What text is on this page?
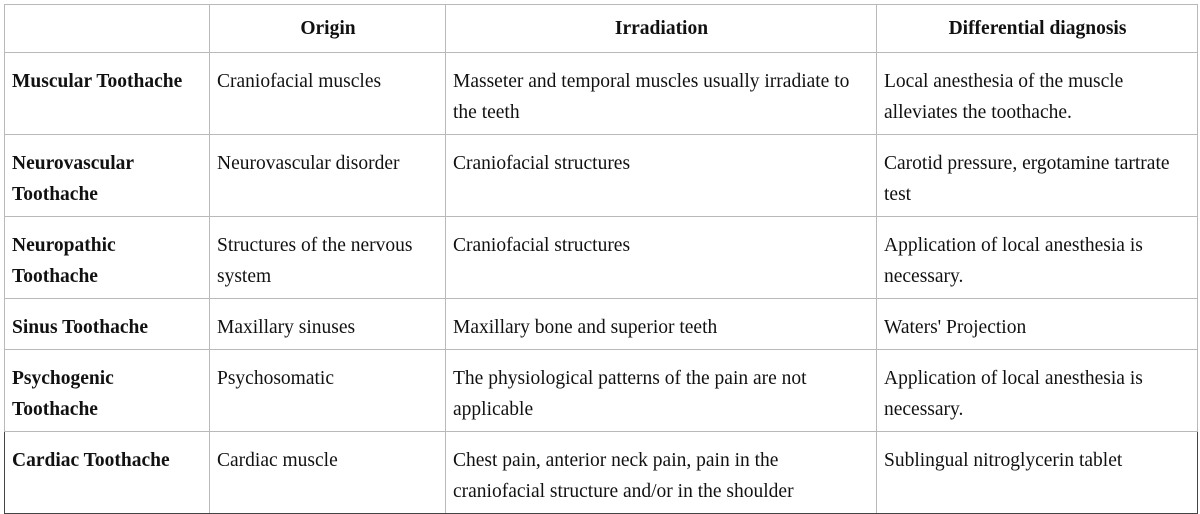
	Origin	Irradiation	Differential diagnosis
Muscular Toothache	Craniofacial muscles	Masseter and temporal muscles usually irradiate to the teeth	Local anesthesia of the muscle alleviates the toothache.
Neurovascular Toothache	Neurovascular disorder	Craniofacial structures	Carotid pressure, ergotamine tartrate test
Neuropathic Toothache	Structures of the nervous system	Craniofacial structures	Application of local anesthesia is necessary.
Sinus Toothache	Maxillary sinuses	Maxillary bone and superior teeth	Waters' Projection
Psychogenic Toothache	Psychosomatic	The physiological patterns of the pain are not applicable	Application of local anesthesia is necessary.
Cardiac Toothache	Cardiac muscle	Chest pain, anterior neck pain, pain in the craniofacial structure and/or in the shoulder	Sublingual nitroglycerin tablet
